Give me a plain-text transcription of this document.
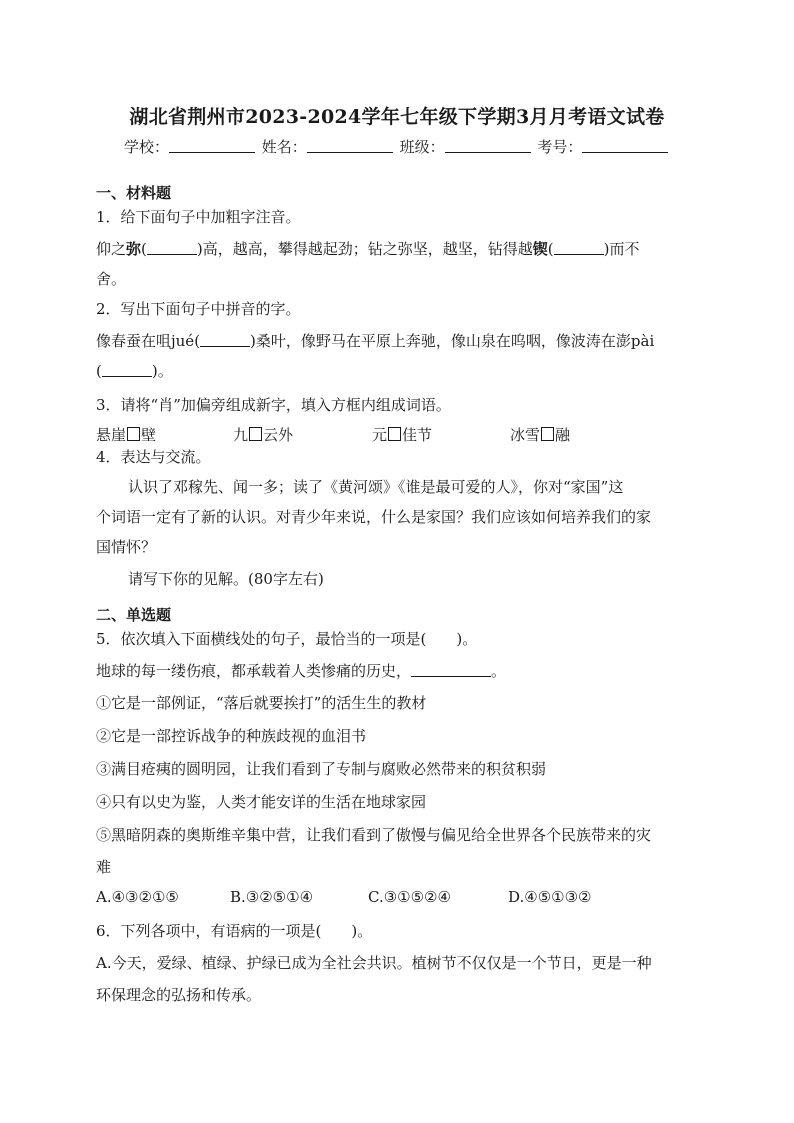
湖北省荆州市2023-2024学年七年级下学期3月月考语文试卷
学校：	姓名：	班级：	考号：
一、材料题
1．给下面句子中加粗字注音。
仰之弥(	)高，越高，攀得越起劲；钻之弥坚，越坚，钻得越锲(	)而不
舍。
2．写出下面句子中拼音的字。
像春蚕在咀jué(	)桑叶，像野马在平原上奔驰，像山泉在呜咽，像波涛在澎pài
(	)。
3．请将“肖”加偏旁组成新字，填入方框内组成词语。
悬崖 壁	九 云外	元 佳节	冰雪 融
4．表达与交流。
认识了邓稼先、闻一多；读了《黄河颂》《谁是最可爱的人》，你对“家国”这
个词语一定有了新的认识。对青少年来说，什么是家国？我们应该如何培养我们的家
国情怀？
请写下你的见解。(80字左右)
二、单选题
5．依次填入下面横线处的句子，最恰当的一项是(　　)。
地球的每一缕伤痕，都承载着人类惨痛的历史，	。
①它是一部例证，“落后就要挨打”的活生生的教材
②它是一部控诉战争的种族歧视的血泪书
③满目疮痍的圆明园，让我们看到了专制与腐败必然带来的积贫积弱
④只有以史为鉴，人类才能安详的生活在地球家园
⑤黑暗阴森的奥斯维辛集中营，让我们看到了傲慢与偏见给全世界各个民族带来的灾
难
A.④③②①⑤	B.③②⑤①④	C.③①⑤②④	D.④⑤①③②
6．下列各项中，有语病的一项是(　　)。
A.今天，爱绿、植绿、护绿已成为全社会共识。植树节不仅仅是一个节日，更是一种
环保理念的弘扬和传承。
